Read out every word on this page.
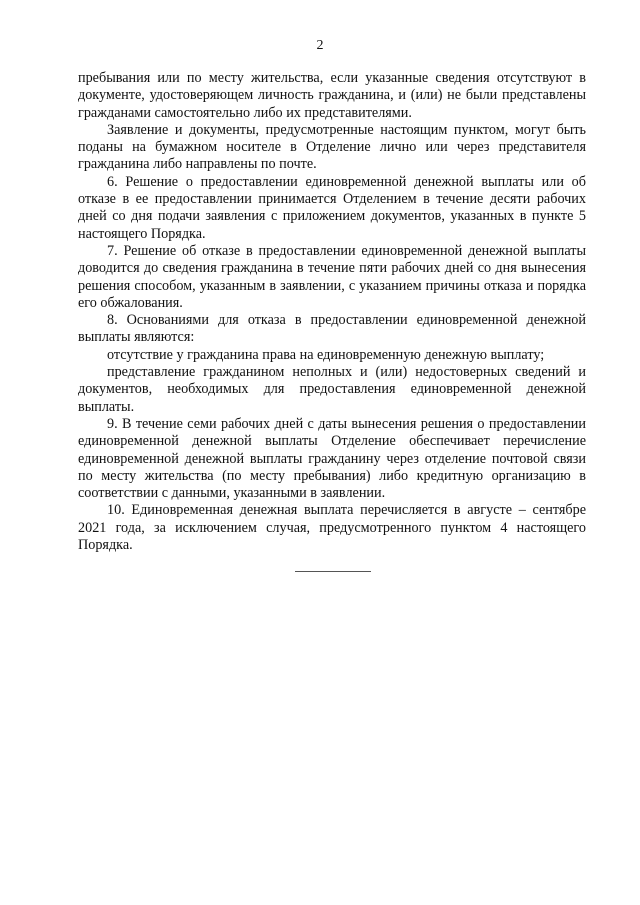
2

пребывания или по месту жительства, если указанные сведения отсутствуют в документе, удостоверяющем личность гражданина, и (или) не были представлены гражданами самостоятельно либо их представителями.

Заявление и документы, предусмотренные настоящим пунктом, могут быть поданы на бумажном носителе в Отделение лично или через представителя гражданина либо направлены по почте.

6. Решение о предоставлении единовременной денежной выплаты или об отказе в ее предоставлении принимается Отделением в течение десяти рабочих дней со дня подачи заявления с приложением документов, указанных в пункте 5 настоящего Порядка.

7. Решение об отказе в предоставлении единовременной денежной выплаты доводится до сведения гражданина в течение пяти рабочих дней со дня вынесения решения способом, указанным в заявлении, с указанием причины отказа и порядка его обжалования.

8. Основаниями для отказа в предоставлении единовременной денежной выплаты являются:

отсутствие у гражданина права на единовременную денежную выплату;

представление гражданином неполных и (или) недостоверных сведений и документов, необходимых для предоставления единовременной денежной выплаты.

9. В течение семи рабочих дней с даты вынесения решения о предоставлении единовременной денежной выплаты Отделение обеспечивает перечисление единовременной денежной выплаты гражданину через отделение почтовой связи по месту жительства (по месту пребывания) либо кредитную организацию в соответствии с данными, указанными в заявлении.

10. Единовременная денежная выплата перечисляется в августе – сентябре 2021 года, за исключением случая, предусмотренного пунктом 4 настоящего Порядка.
